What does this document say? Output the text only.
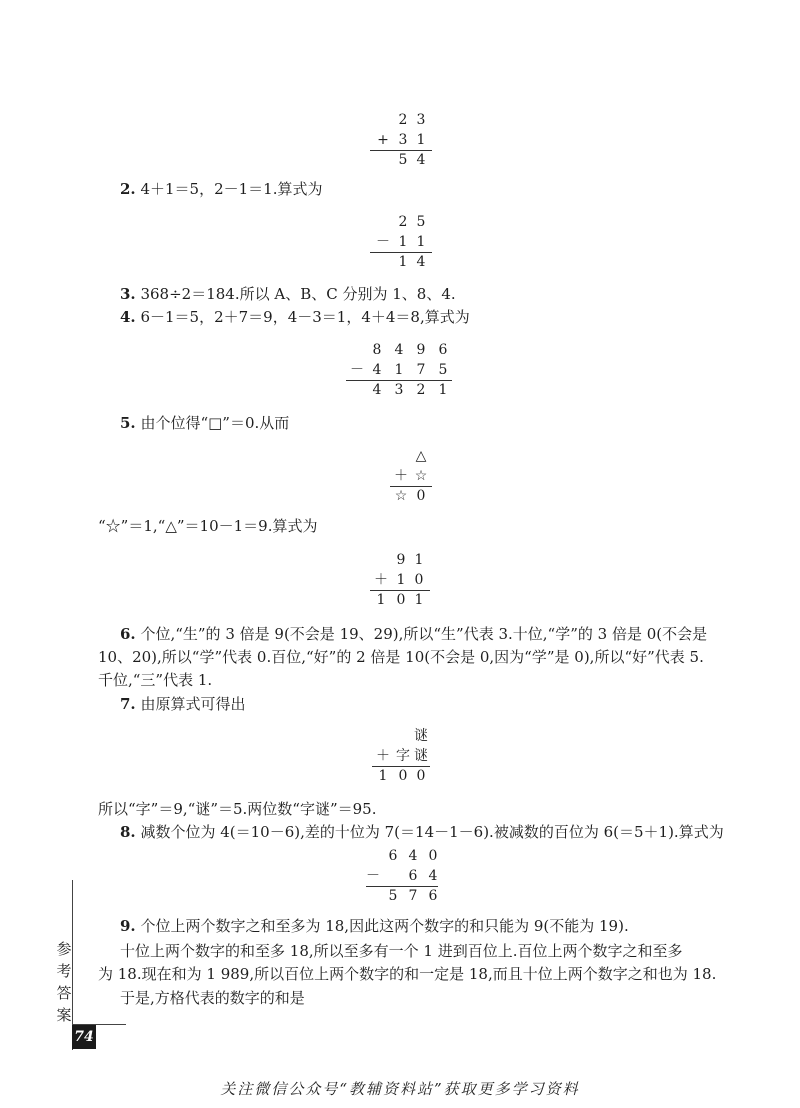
2 3
+ 3 1
5 4
2. 4＋1＝5，2－1＝1.算式为
2 5
－ 1 1
1 4
3. 368÷2＝184.所以 A、B、C 分别为 1、8、4.
4. 6－1＝5，2＋7＝9，4－3＝1，4＋4＝8,算式为
8 4 9 6
－ 4 1 7 5
4 3 2 1
5. 由个位得“□”＝0.从而
△
＋ ☆
☆ 0
“☆”＝1,“△”＝10－1＝9.算式为
9 1
＋ 1 0
1 0 1
6. 个位,“生”的 3 倍是 9(不会是 19、29),所以“生”代表 3.十位,“学”的 3 倍是 0(不会是
10、20),所以“学”代表 0.百位,“好”的 2 倍是 10(不会是 0,因为“学”是 0),所以“好”代表 5.
千位,“三”代表 1.
7. 由原算式可得出
谜
＋ 字 谜
1 0 0
所以“字”＝9,“谜”＝5.两位数“字谜”＝95.
8. 减数个位为 4(＝10－6),差的十位为 7(＝14－1－6).被减数的百位为 6(＝5＋1).算式为
6 4 0
－	6 4
5 7 6
9. 个位上两个数字之和至多为 18,因此这两个数字的和只能为 9(不能为 19).
十位上两个数字的和至多 18,所以至多有一个 1 进到百位上.百位上两个数字之和至多
为 18.现在和为 1 989,所以百位上两个数字的和一定是 18,而且十位上两个数字之和也为 18.
于是,方格代表的数字的和是
参考答案
74
关注微信公众号“教辅资料站”获取更多学习资料
